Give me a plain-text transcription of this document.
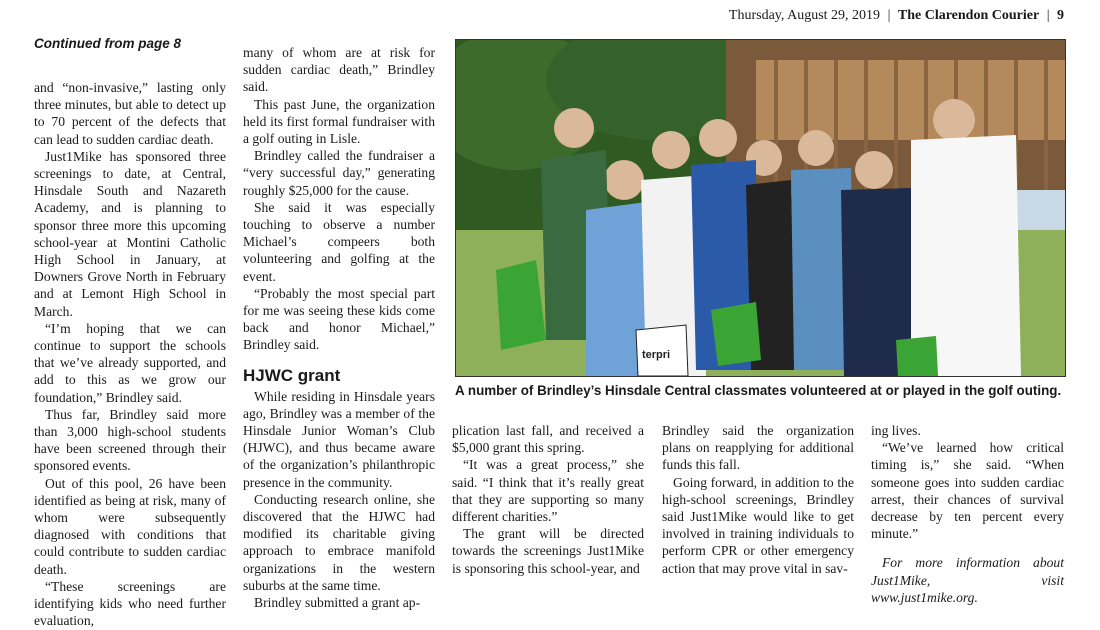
Thursday, August 29, 2019 | The Clarendon Courier | 9
Continued from page 8

and “non-invasive,” lasting only three minutes, but able to detect up to 70 percent of the defects that can lead to sudden cardiac death.

Just1Mike has sponsored three screenings to date, at Central, Hinsdale South and Nazareth Academy, and is planning to sponsor three more this upcoming school-year at Montini Catholic High School in January, at Downers Grove North in February and at Lemont High School in March.

“I’m hoping that we can continue to support the schools that we’ve already supported, and add to this as we grow our foundation,” Brindley said.

Thus far, Brindley said more than 3,000 high-school students have been screened through their sponsored events.

Out of this pool, 26 have been identified as being at risk, many of whom were subsequently diagnosed with conditions that could contribute to sudden cardiac death.

“These screenings are identifying kids who need further evaluation,

many of whom are at risk for sudden cardiac death,” Brindley said.

This past June, the organization held its first formal fundraiser with a golf outing in Lisle.

Brindley called the fundraiser a “very successful day,” generating roughly $25,000 for the cause.

She said it was especially touching to observe a number Michael’s compeers both volunteering and golfing at the event.

“Probably the most special part for me was seeing these kids come back and honor Michael,” Brindley said.

HJWC grant

While residing in Hinsdale years ago, Brindley was a member of the Hinsdale Junior Woman’s Club (HJWC), and thus became aware of the organization’s philanthropic presence in the community.

Conducting research online, she discovered that the HJWC had modified its charitable giving approach to embrace manifold organizations in the western suburbs at the same time.

Brindley submitted a grant ap-

terpri
A number of Brindley’s Hinsdale Central classmates volunteered at or played in the golf outing.

plication last fall, and received a $5,000 grant this spring.

“It was a great process,” she said. “I think that it’s really great that they are supporting so many different charities.”

The grant will be directed towards the screenings Just1Mike is sponsoring this school-year, and

Brindley said the organization plans on reapplying for additional funds this fall.

Going forward, in addition to the high-school screenings, Brindley said Just1Mike would like to get involved in training individuals to perform CPR or other emergency action that may prove vital in sav-

ing lives.

“We’ve learned how critical timing is,” she said. “When someone goes into sudden cardiac arrest, their chances of survival decrease by ten percent every minute.”

For more information about Just1Mike, visit www.just1mike.org.
